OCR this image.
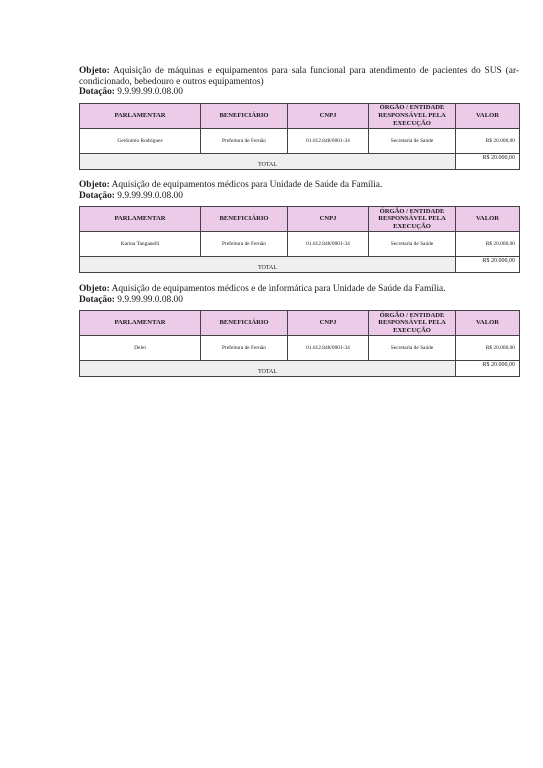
Objeto: Aquisição de máquinas e equipamentos para sala funcional para atendimento de pacientes do SUS (ar-condicionado, bebedouro e outros equipamentos)

Dotação: 9.9.99.99.0.08.00

PARLAMENTAR	BENEFICIÁRIO	CNPJ	ÓRGÃO / ENTIDADE RESPONSÁVEL PELA EXECUÇÃO	VALOR
Gerônimo Rodrigues	Prefeitura de Fernão	01.612.848/0001-34	Secretaria de Saúde	R$ 20.000,00
TOTAL				R$ 20.000,00

Objeto: Aquisição de equipamentos médicos para Unidade de Saúde da Família.

Dotação: 9.9.99.99.0.08.00

PARLAMENTAR	BENEFICIÁRIO	CNPJ	ÓRGÃO / ENTIDADE RESPONSÁVEL PELA EXECUÇÃO	VALOR
Karina Tanganelli	Prefeitura de Fernão	01.612.848/0001-34	Secretaria de Saúde	R$ 20.000,00
TOTAL				R$ 20.000,00

Objeto: Aquisição de equipamentos médicos e de informática para Unidade de Saúde da Família.

Dotação: 9.9.99.99.0.08.00

PARLAMENTAR	BENEFICIÁRIO	CNPJ	ÓRGÃO / ENTIDADE RESPONSÁVEL PELA EXECUÇÃO	VALOR
Delei	Prefeitura de Fernão	01.612.848/0001-34	Secretaria de Saúde	R$ 20.000,00
TOTAL				R$ 20.000,00
